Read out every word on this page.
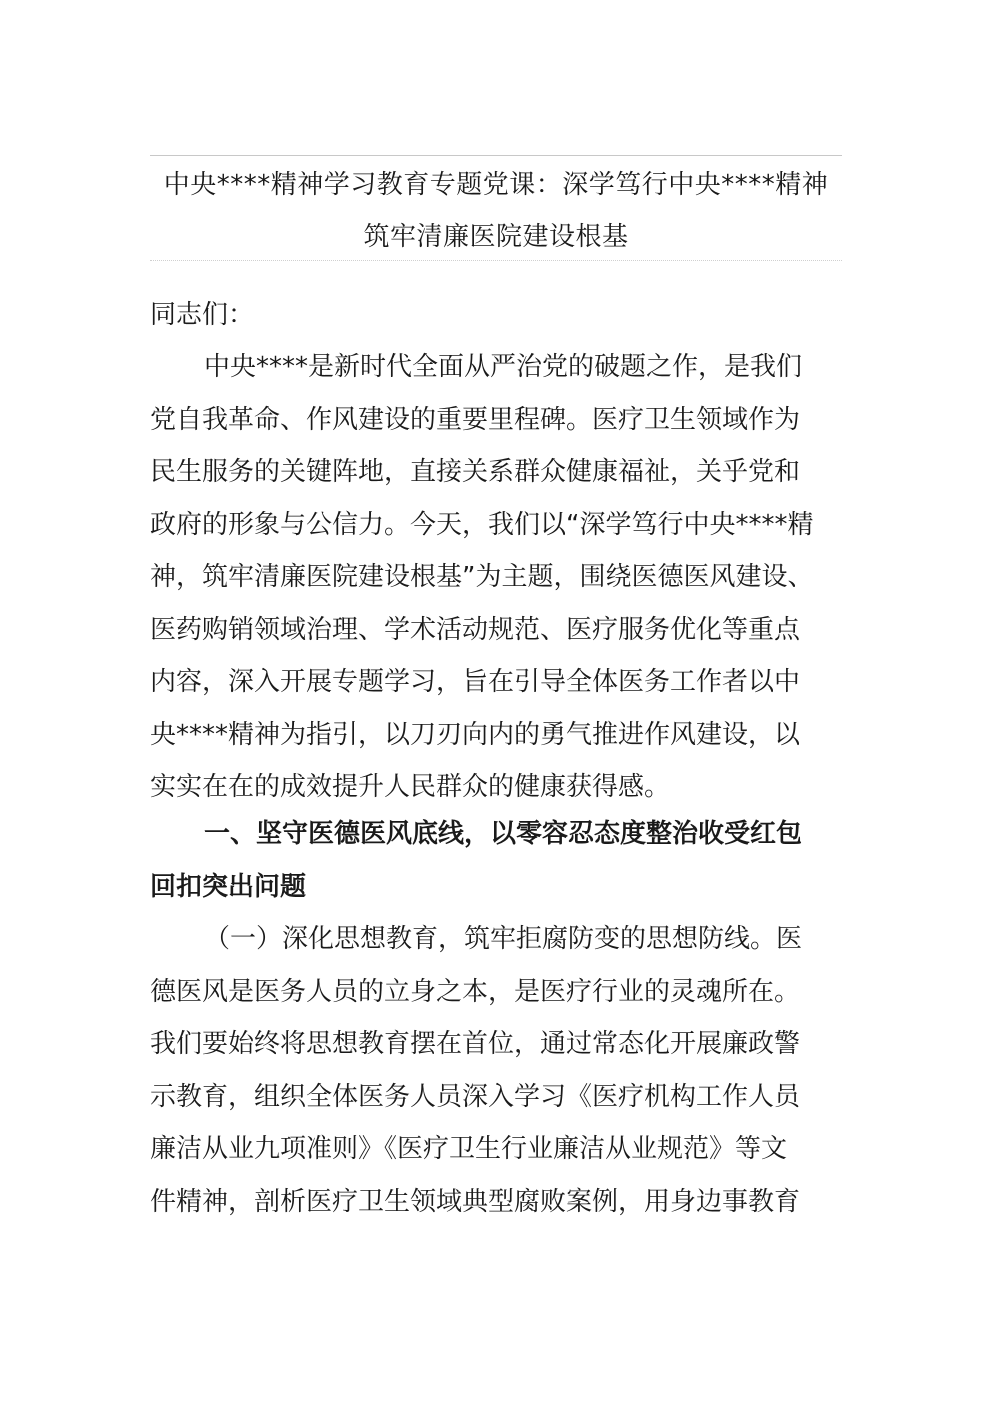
中央****精神学习教育专题党课：深学笃行中央****精神
筑牢清廉医院建设根基

同志们：

中央****是新时代全面从严治党的破题之作，是我们
党自我革命、作风建设的重要里程碑。医疗卫生领域作为
民生服务的关键阵地，直接关系群众健康福祉，关乎党和
政府的形象与公信力。今天，我们以“深学笃行中央****精
神，筑牢清廉医院建设根基”为主题，围绕医德医风建设、
医药购销领域治理、学术活动规范、医疗服务优化等重点
内容，深入开展专题学习，旨在引导全体医务工作者以中
央****精神为指引，以刀刃向内的勇气推进作风建设，以
实实在在的成效提升人民群众的健康获得感。
一、坚守医德医风底线，以零容忍态度整治收受红包
回扣突出问题
（一）深化思想教育，筑牢拒腐防变的思想防线。医
德医风是医务人员的立身之本，是医疗行业的灵魂所在。
我们要始终将思想教育摆在首位，通过常态化开展廉政警
示教育，组织全体医务人员深入学习《医疗机构工作人员
廉洁从业九项准则》《医疗卫生行业廉洁从业规范》等文
件精神，剖析医疗卫生领域典型腐败案例，用身边事教育
